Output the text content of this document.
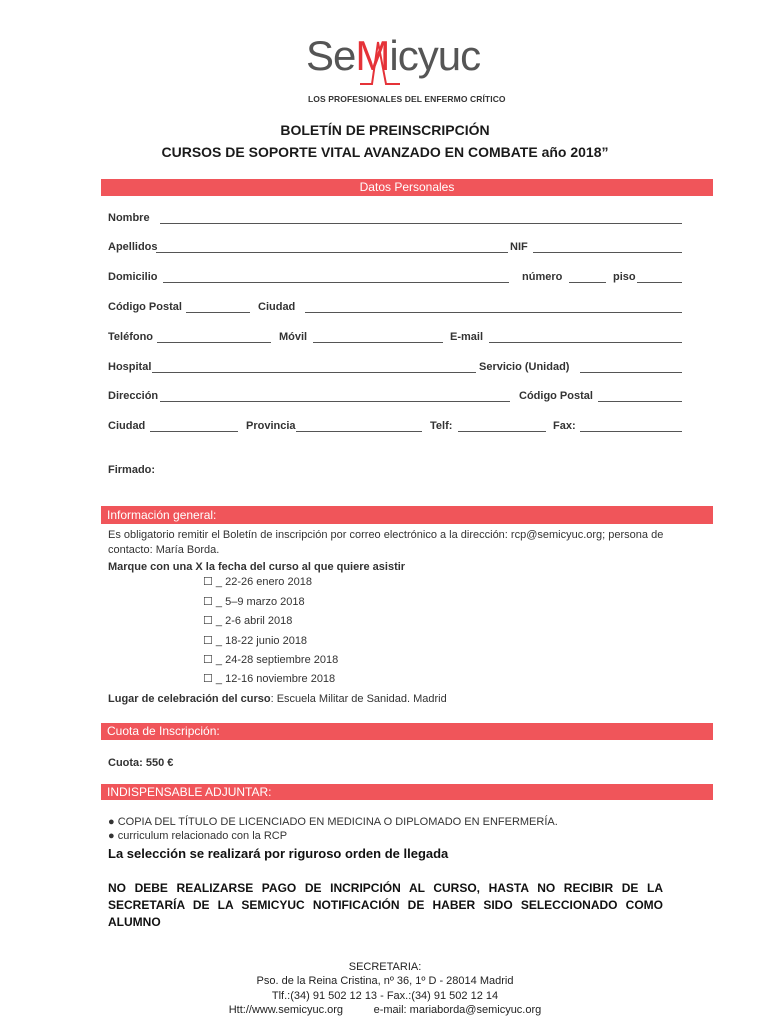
SeMicyuc
LOS PROFESIONALES DEL ENFERMO CRÍTICO
BOLETÍN DE PREINSCRIPCIÓN
CURSOS DE SOPORTE VITAL AVANZADO EN COMBATE año 2018”
Datos Personales
Nombre
Apellidos	NIF
Domicilio	número	piso
Código Postal	Ciudad
Teléfono	Móvil	E-mail
Hospital	Servicio (Unidad)
Dirección	Código Postal
Ciudad	Provincia	Telf:	Fax:
Firmado:
Información general:
Es obligatorio remitir el Boletín de inscripción por correo electrónico a la dirección: rcp@semicyuc.org; persona de
contacto: María Borda.
Marque con una X la fecha del curso al que quiere asistir
☐ _ 22-26 enero 2018
☐ _ 5–9 marzo 2018
☐ _ 2-6 abril 2018
☐ _ 18-22 junio 2018
☐ _ 24-28 septiembre 2018
☐ _ 12-16 noviembre 2018
Lugar de celebración del curso: Escuela Militar de Sanidad. Madrid
Cuota de Inscripción:
Cuota: 550 €
INDISPENSABLE ADJUNTAR:
● COPIA DEL TÍTULO DE LICENCIADO EN MEDICINA O DIPLOMADO EN ENFERMERÍA.
● curriculum relacionado con la RCP
La selección se realizará por riguroso orden de llegada
NO DEBE REALIZARSE PAGO DE INCRIPCIÓN AL CURSO, HASTA NO RECIBIR DE LA SECRETARÍA DE LA SEMICYUC NOTIFICACIÓN DE HABER SIDO SELECCIONADO COMO ALUMNO
SECRETARIA:
Pso. de la Reina Cristina, nº 36, 1º D - 28014 Madrid
Tlf.:(34) 91 502 12 13 - Fax.:(34) 91 502 12 14
Htt://www.semicyuc.org          e-mail: mariaborda@semicyuc.org
